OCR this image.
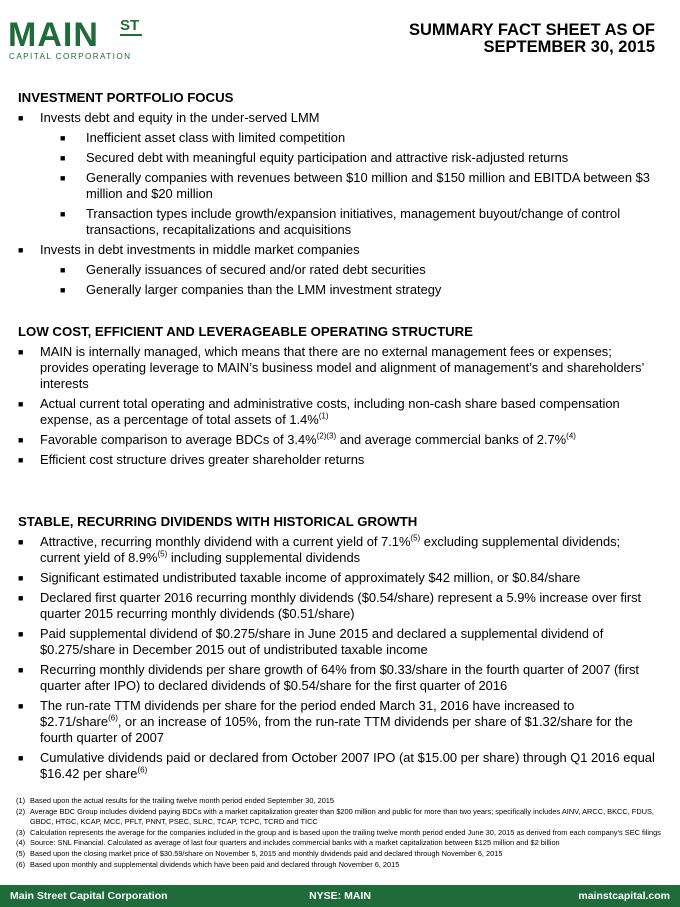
MAIN ST
CAPITAL CORPORATION
SUMMARY FACT SHEET AS OF
SEPTEMBER 30, 2015
INVESTMENT PORTFOLIO FOCUS
■ Invests debt and equity in the under-served LMM
■ Inefficient asset class with limited competition
■ Secured debt with meaningful equity participation and attractive risk-adjusted returns
■ Generally companies with revenues between $10 million and $150 million and EBITDA between $3 million and $20 million
■ Transaction types include growth/expansion initiatives, management buyout/change of control transactions, recapitalizations and acquisitions
■ Invests in debt investments in middle market companies
■ Generally issuances of secured and/or rated debt securities
■ Generally larger companies than the LMM investment strategy
LOW COST, EFFICIENT AND LEVERAGEABLE OPERATING STRUCTURE
■ MAIN is internally managed, which means that there are no external management fees or expenses; provides operating leverage to MAIN’s business model and alignment of management’s and shareholders’ interests
■ Actual current total operating and administrative costs, including non-cash share based compensation expense, as a percentage of total assets of 1.4%$^{(1)}$
■ Favorable comparison to average BDCs of 3.4%$^{(2)(3)}$ and average commercial banks of 2.7%$^{(4)}$
■ Efficient cost structure drives greater shareholder returns
STABLE, RECURRING DIVIDENDS WITH HISTORICAL GROWTH
■ Attractive, recurring monthly dividend with a current yield of 7.1%$^{(5)}$ excluding supplemental dividends; current yield of 8.9%$^{(5)}$ including supplemental dividends
■ Significant estimated undistributed taxable income of approximately $42 million, or $0.84/share
■ Declared first quarter 2016 recurring monthly dividends ($0.54/share) represent a 5.9% increase over first quarter 2015 recurring monthly dividends ($0.51/share)
■ Paid supplemental dividend of $0.275/share in June 2015 and declared a supplemental dividend of $0.275/share in December 2015 out of undistributed taxable income
■ Recurring monthly dividends per share growth of 64% from $0.33/share in the fourth quarter of 2007 (first quarter after IPO) to declared dividends of $0.54/share for the first quarter of 2016
■ The run-rate TTM dividends per share for the period ended March 31, 2016 have increased to $2.71/share$^{(6)}$, or an increase of 105%, from the run-rate TTM dividends per share of $1.32/share for the fourth quarter of 2007
■ Cumulative dividends paid or declared from October 2007 IPO (at $15.00 per share) through Q1 2016 equal $16.42 per share$^{(6)}$
(1) Based upon the actual results for the trailing twelve month period ended September 30, 2015
(2) Average BDC Group includes dividend paying BDCs with a market capitalization greater than $200 million and public for more than two years; specifically includes AINV, ARCC, BKCC, FDUS, GBDC, HTGC, KCAP, MCC, PFLT, PNNT, PSEC, SLRC, TCAP, TCPC, TCRD and TICC
(3) Calculation represents the average for the companies included in the group and is based upon the trailing twelve month period ended June 30, 2015 as derived from each company’s SEC filings
(4) Source: SNL Financial. Calculated as average of last four quarters and includes commercial banks with a market capitalization between $125 million and $2 billion
(5) Based upon the closing market price of $30.59/share on November 5, 2015 and monthly dividends paid and declared through November 6, 2015
(6) Based upon monthly and supplemental dividends which have been paid and declared through November 6, 2015
Main Street Capital Corporation	NYSE: MAIN	mainstcapital.com
